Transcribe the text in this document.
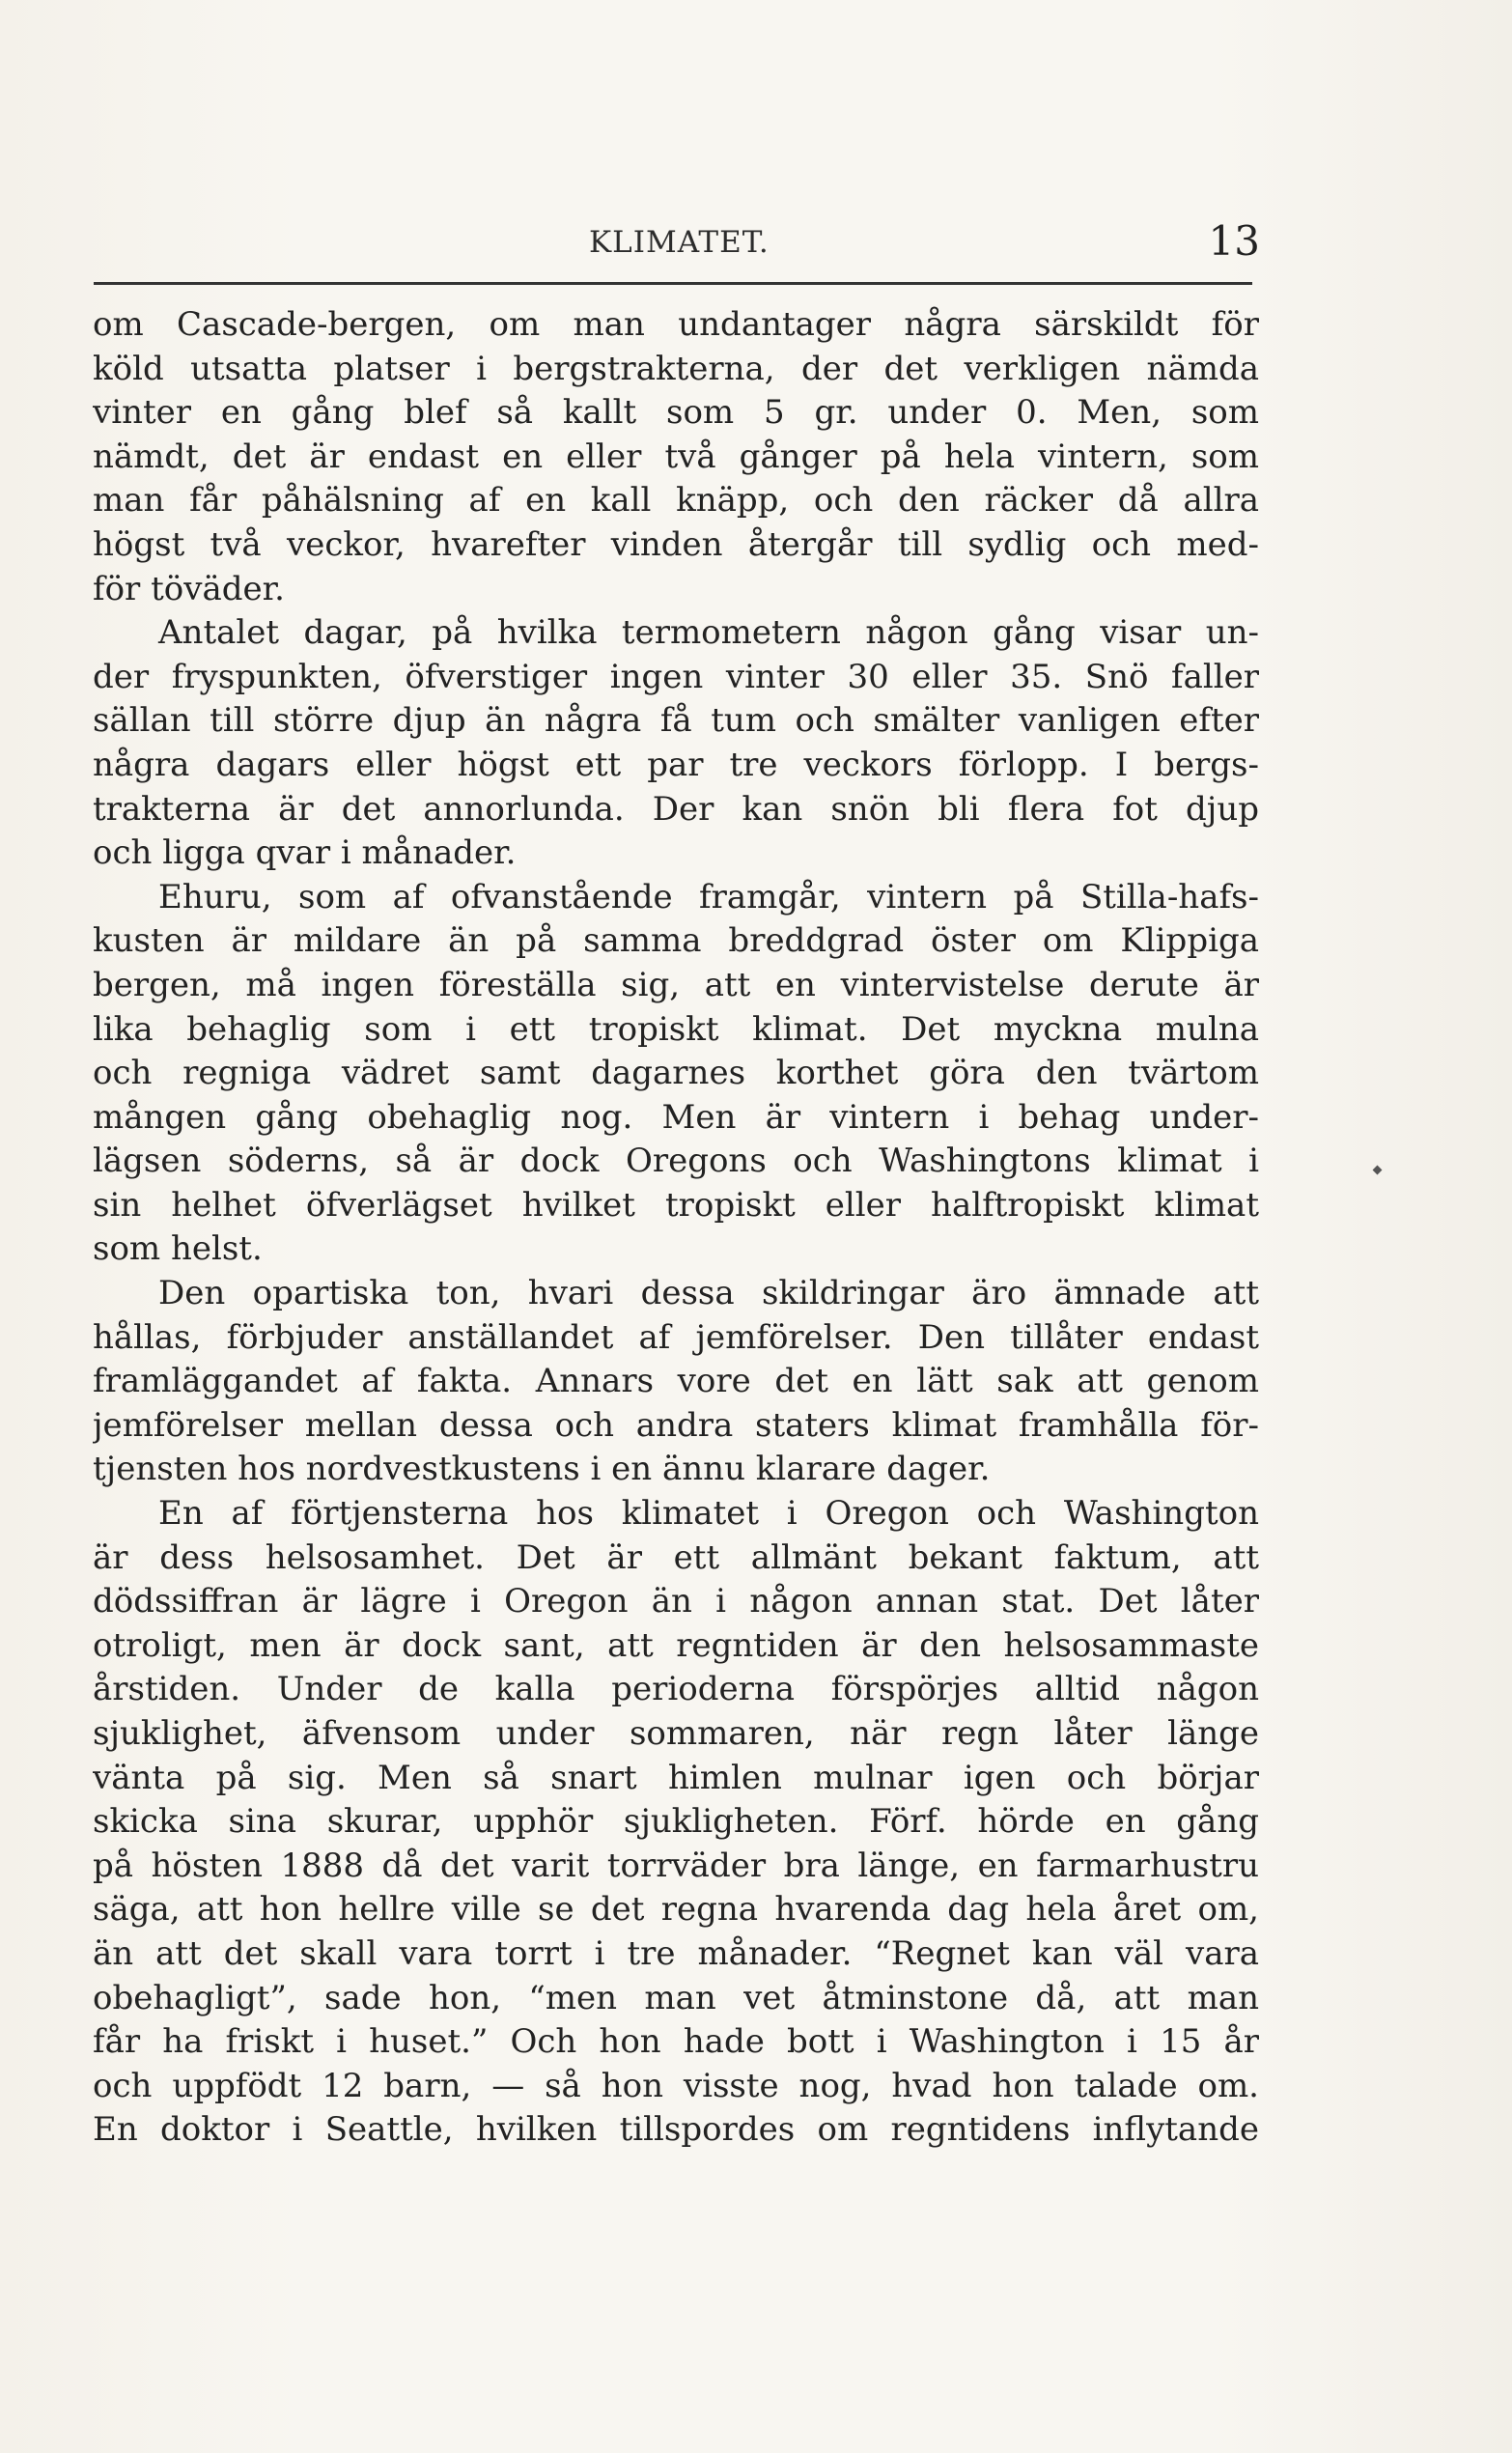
KLIMATET.	13
om Cascade-bergen, om man undantager några särskildt för
köld utsatta platser i bergstrakterna, der det verkligen nämda
vinter en gång blef så kallt som 5 gr. under 0. Men, som
nämdt, det är endast en eller två gånger på hela vintern, som
man får påhälsning af en kall knäpp, och den räcker då allra
högst två veckor, hvarefter vinden återgår till sydlig och med-
för töväder.
Antalet dagar, på hvilka termometern någon gång visar un-
der fryspunkten, öfverstiger ingen vinter 30 eller 35. Snö faller
sällan till större djup än några få tum och smälter vanligen efter
några dagars eller högst ett par tre veckors förlopp. I bergs-
trakterna är det annorlunda. Der kan snön bli flera fot djup
och ligga qvar i månader.
Ehuru, som af ofvanstående framgår, vintern på Stilla-hafs-
kusten är mildare än på samma breddgrad öster om Klippiga
bergen, må ingen föreställa sig, att en vintervistelse derute är
lika behaglig som i ett tropiskt klimat. Det myckna mulna
och regniga vädret samt dagarnes korthet göra den tvärtom
mången gång obehaglig nog. Men är vintern i behag under-
lägsen söderns, så är dock Oregons och Washingtons klimat i
sin helhet öfverlägset hvilket tropiskt eller halftropiskt klimat
som helst.
Den opartiska ton, hvari dessa skildringar äro ämnade att
hållas, förbjuder anställandet af jemförelser. Den tillåter endast
framläggandet af fakta. Annars vore det en lätt sak att genom
jemförelser mellan dessa och andra staters klimat framhålla för-
tjensten hos nordvestkustens i en ännu klarare dager.
En af förtjensterna hos klimatet i Oregon och Washington
är dess helsosamhet. Det är ett allmänt bekant faktum, att
dödssiffran är lägre i Oregon än i någon annan stat. Det låter
otroligt, men är dock sant, att regntiden är den helsosammaste
årstiden. Under de kalla perioderna förspörjes alltid någon
sjuklighet, äfvensom under sommaren, när regn låter länge
vänta på sig. Men så snart himlen mulnar igen och börjar
skicka sina skurar, upphör sjukligheten. Förf. hörde en gång
på hösten 1888 då det varit torrväder bra länge, en farmarhustru
säga, att hon hellre ville se det regna hvarenda dag hela året om,
än att det skall vara torrt i tre månader. “Regnet kan väl vara
obehagligt”, sade hon, “men man vet åtminstone då, att man
får ha friskt i huset.” Och hon hade bott i Washington i 15 år
och uppfödt 12 barn, — så hon visste nog, hvad hon talade om.
En doktor i Seattle, hvilken tillspordes om regntidens inflytande
